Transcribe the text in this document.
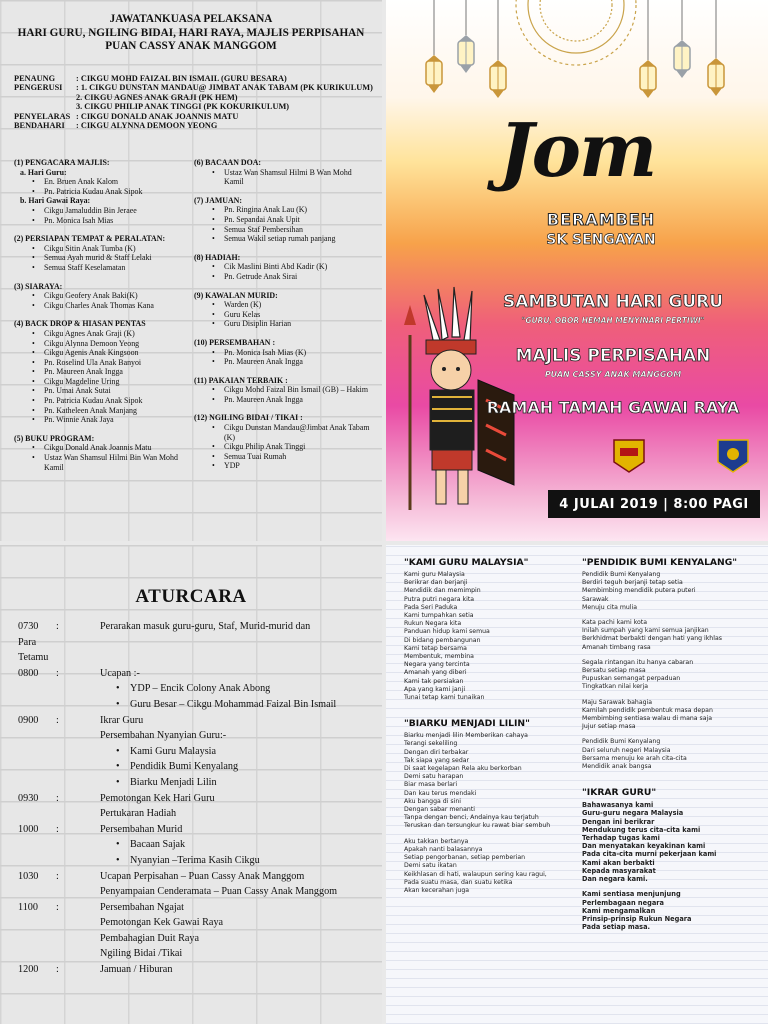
JAWATANKUASA PELAKSANA
HARI GURU, NGILING BIDAI, HARI RAYA, MAJLIS PERPISAHAN
PUAN CASSY ANAK MANGGOM
PENAUNG	: CIKGU MOHD FAIZAL BIN ISMAIL (GURU BESARA)
PENGERUSI	: 1. CIKGU DUNSTAN MANDAU@ JIMBAT ANAK TABAM (PK KURIKULUM)
2. CIKGU AGNES ANAK GRAJI (PK HEM)
3. CIKGU PHILIP ANAK TINGGI (PK KOKURIKULUM)
PENYELARAS : CIKGU DONALD ANAK JOANNIS MATU
BENDAHARI	: CIKGU ALYNNA DEMOON YEONG
(1) PENGACARA MAJLIS:
a. Hari Guru:
• En. Bruen Anak Kalom
• Pn. Patricia Kudau Anak Sipok
b. Hari Gawai Raya:
• Cikgu Jamaluddin Bin Jeraee
• Pn. Monica Isah Mias
(2) PERSIAPAN TEMPAT & PERALATAN:
• Cikgu Sitin Anak Tumba (K)
• Semua Ayah murid & Staff Lelaki
• Semua Staff Keselamatan
(3) SIARAYA:
• Cikgu Geofery Anak Baki(K)
• Cikgu Charles Anak Thomas Kana
(4) BACK DROP & HIASAN PENTAS
• Cikgu Agnes Anak Graji (K)
• Cikgu Alynna Demoon Yeong
• Cikgu Agenis Anak Kingsoon
• Pn. Roselind Ula Anak Banyoi
• Pn. Maureen Anak Ingga
• Cikgu Magdeline Uring
• Pn. Umai Anak Sutai
• Pn. Patricia Kudau Anak Sipok
• Pn. Katheleen Anak Manjang
• Pn. Winnie Anak Jaya
(5) BUKU PROGRAM:
• Cikgu Donald Anak Joannis Matu
• Ustaz Wan Shamsul Hilmi Bin Wan Mohd Kamil
(6) BACAAN DOA:
• Ustaz Wan Shamsul Hilmi B Wan Mohd Kamil
(7) JAMUAN:
• Pn. Ringina Anak Lau (K)
• Pn. Sepandai Anak Upit
• Semua Staf Pembersihan
• Semua Wakil setiap rumah panjang
(8) HADIAH:
• Cik Maslini Binti Abd Kadir (K)
• Pn. Getrude Anak Sirai
(9) KAWALAN MURID:
• Warden (K)
• Guru Kelas
• Guru Disiplin Harian
(10) PERSEMBAHAN :
• Pn. Monica Isah Mias (K)
• Pn. Maureen Anak Ingga
(11) PAKAIAN TERBAIK :
• Cikgu Mohd Faizal Bin Ismail (GB) – Hakim
• Pn. Maureen Anak Ingga
(12) NGILING BIDAI / TIKAI :
• Cikgu Dunstan Mandau@Jimbat Anak Tabam (K)
• Cikgu Philip Anak Tinggi
• Semua Tuai Rumah
• YDP
Jom
BERAMBEH
SK SENGAYAN
SAMBUTAN HARI GURU
"GURU, OBOR HEMAH MENYINARI PERTIWI"
MAJLIS PERPISAHAN
PUAN CASSY ANAK MANGGOM
RAMAH TAMAH GAWAI RAYA
4 JULAI 2019 | 8:00 PAGI
ATURCARA
0730	:	Perarakan masuk guru-guru, Staf, Murid-murid dan
Para Tetamu
0800	:	Ucapan :-
• YDP – Encik Colony Anak Abong
• Guru Besar – Cikgu Mohammad Faizal Bin Ismail
0900	:	Ikrar Guru
Persembahan Nyanyian Guru:-
• Kami Guru Malaysia
• Pendidik Bumi Kenyalang
• Biarku Menjadi Lilin
0930	:	Pemotongan Kek Hari Guru
Pertukaran Hadiah
1000	:	Persembahan Murid
• Bacaan Sajak
• Nyanyian –Terima Kasih Cikgu
1030	:	Ucapan Perpisahan – Puan Cassy Anak Manggom
Penyampaian Cenderamata – Puan Cassy Anak Manggom
1100	:	Persembahan Ngajat
Pemotongan Kek Gawai Raya
Pembahagian Duit Raya
Ngiling Bidai /Tikai
1200	:	Jamuan / Hiburan
"KAMI GURU MALAYSIA"

Kami guru Malaysia

Berikrar dan berjanji

Mendidik dan memimpin

Putra putri negara kita

Pada Seri Paduka

Kami tumpahkan setia

Rukun Negara kita

Panduan hidup kami semua

Di bidang pembangunan

Kami tetap bersama

Membentuk, membina

Negara yang tercinta

Amanah yang diberi

Kami tak persiakan

Apa yang kami janji

Tunai tetap kami tunaikan

"BIARKU MENJADI LILIN"

Biarku menjadi lilin Memberikan cahaya

Terangi sekeliling

Dengan diri terbakar

Tak siapa yang sedar

Di saat kegelapan Rela aku berkorban

Demi satu harapan

Biar masa berlari

Dan kau terus mendaki

Aku bangga di sini

Dengan sabar menanti

Tanpa dengan benci, Andainya kau terjatuh

Teruskan dan tersungkur ku rawat biar sembuh

Aku takkan bertanya

Apakah nanti balasannya

Setiap pengorbanan, setiap pemberian

Demi satu ikatan

Keikhlasan di hati, walaupun sering kau ragui,

Pada suatu masa, dan suatu ketika

Akan kecerahan juga

"PENDIDIK BUMI KENYALANG"

Pendidik Bumi Kenyalang

Berdiri teguh berjanji tetap setia

Membimbing mendidik putera puteri

Sarawak

Menuju cita mulia

Kata pachi kami kota

Inilah sumpah yang kami semua janjikan

Berkhidmat berbakti dengan hati yang ikhlas

Amanah timbang rasa

Segala rintangan itu hanya cabaran

Bersatu setiap masa

Pupuskan semangat perpaduan

Tingkatkan nilai kerja

Maju Sarawak bahagia

Kamilah pendidik pembentuk masa depan

Membimbing sentiasa walau di mana saja

Jujur setiap masa

Pendidik Bumi Kenyalang

Dari seluruh negeri Malaysia

Bersama menuju ke arah cita-cita

Mendidik anak bangsa

"IKRAR GURU"

Bahawasanya kami

Guru-guru negara Malaysia

Dengan ini berikrar

Mendukung terus cita-cita kami

Terhadap tugas kami

Dan menyatakan keyakinan kami

Pada cita-cita murni pekerjaan kami

Kami akan berbakti

Kepada masyarakat

Dan negara kami.

Kami sentiasa menjunjung

Perlembagaan negara

Kami mengamalkan

Prinsip-prinsip Rukun Negara

Pada setiap masa.
